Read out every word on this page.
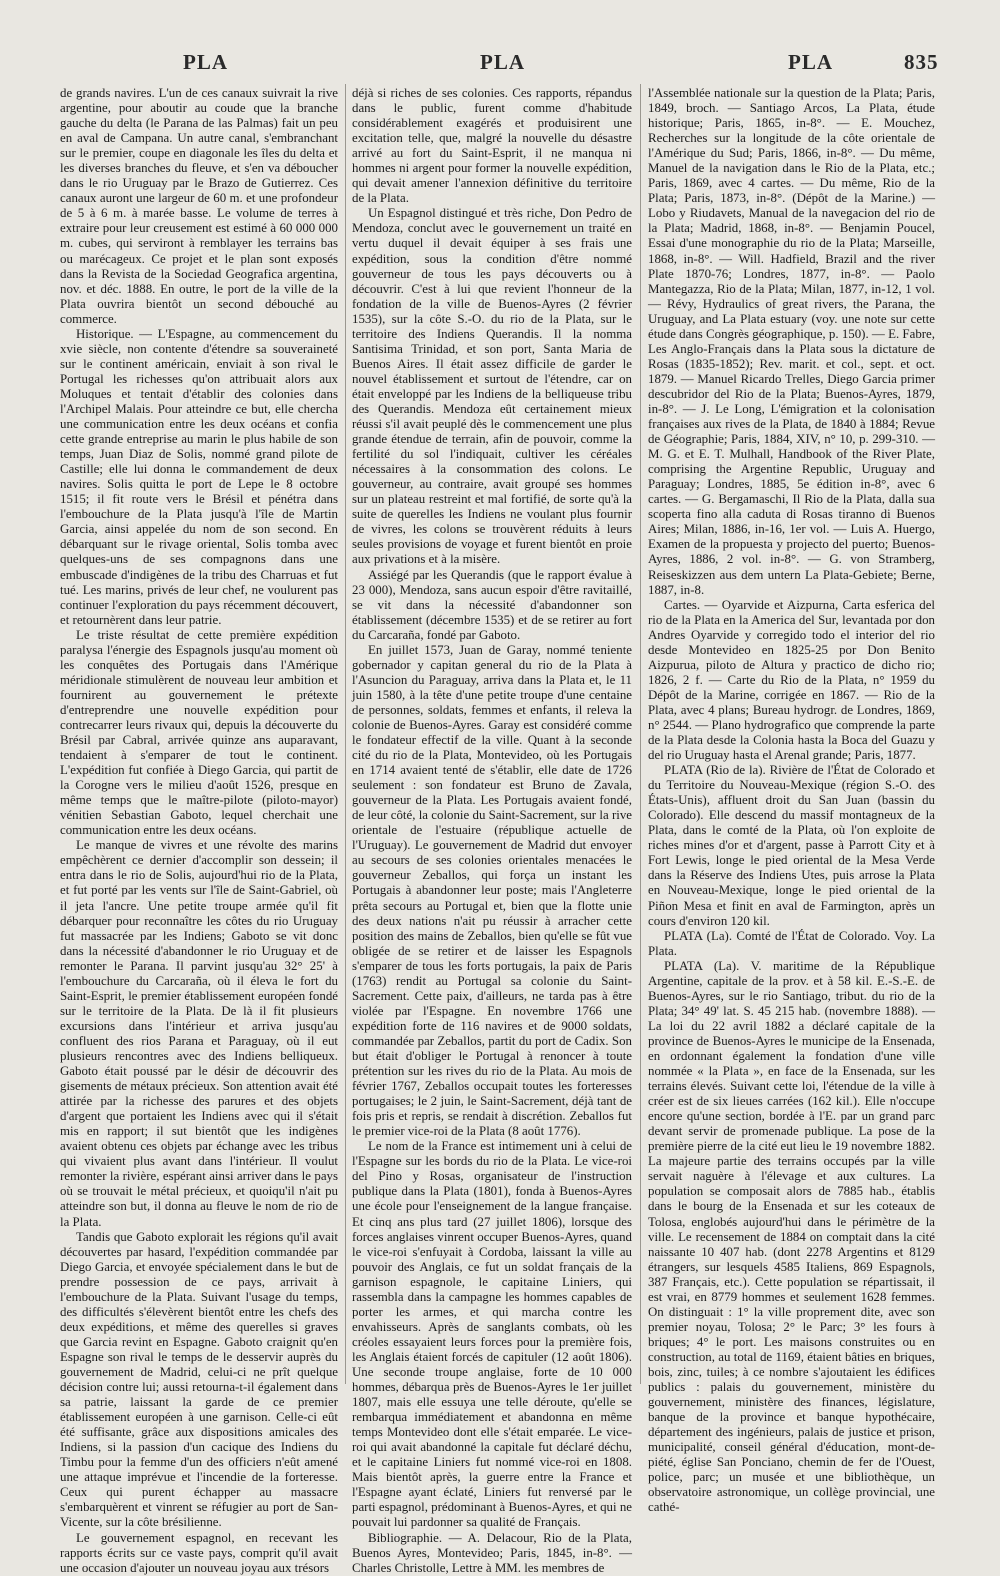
PLA	PLA	PLA	835

de grands navires. L'un de ces canaux suivrait la rive argentine, pour aboutir au coude que la branche gauche du delta (le Parana de las Palmas) fait un peu en aval de Campana. Un autre canal, s'embranchant sur le premier, coupe en diagonale les îles du delta et les diverses branches du fleuve, et s'en va déboucher dans le rio Uruguay par le Brazo de Gutierrez. Ces canaux auront une largeur de 60 m. et une profondeur de 5 à 6 m. à marée basse. Le volume de terres à extraire pour leur creusement est estimé à 60 000 000 m. cubes, qui serviront à remblayer les terrains bas ou marécageux. Ce projet et le plan sont exposés dans la Revista de la Sociedad Geografica argentina, nov. et déc. 1888. En outre, le port de la ville de la Plata ouvrira bientôt un second débouché au commerce.

Historique. — L'Espagne, au commencement du xvie siècle, non contente d'étendre sa souveraineté sur le continent américain, enviait à son rival le Portugal les richesses qu'on attribuait alors aux Moluques et tentait d'établir des colonies dans l'Archipel Malais. Pour atteindre ce but, elle chercha une communication entre les deux océans et confia cette grande entreprise au marin le plus habile de son temps, Juan Diaz de Solis, nommé grand pilote de Castille; elle lui donna le commandement de deux navires. Solis quitta le port de Lepe le 8 octobre 1515; il fit route vers le Brésil et pénétra dans l'embouchure de la Plata jusqu'à l'île de Martin Garcia, ainsi appelée du nom de son second. En débarquant sur le rivage oriental, Solis tomba avec quelques-uns de ses compagnons dans une embuscade d'indigènes de la tribu des Charruas et fut tué. Les marins, privés de leur chef, ne voulurent pas continuer l'exploration du pays récemment découvert, et retournèrent dans leur patrie.

Le triste résultat de cette première expédition paralysa l'énergie des Espagnols jusqu'au moment où les conquêtes des Portugais dans l'Amérique méridionale stimulèrent de nouveau leur ambition et fournirent au gouvernement le prétexte d'entreprendre une nouvelle expédition pour contrecarrer leurs rivaux qui, depuis la découverte du Brésil par Cabral, arrivée quinze ans auparavant, tendaient à s'emparer de tout le continent. L'expédition fut confiée à Diego Garcia, qui partit de la Corogne vers le milieu d'août 1526, presque en même temps que le maître-pilote (piloto-mayor) vénitien Sebastian Gaboto, lequel cherchait une communication entre les deux océans.

Le manque de vivres et une révolte des marins empêchèrent ce dernier d'accomplir son dessein; il entra dans le rio de Solis, aujourd'hui rio de la Plata, et fut porté par les vents sur l'île de Saint-Gabriel, où il jeta l'ancre. Une petite troupe armée qu'il fit débarquer pour reconnaître les côtes du rio Uruguay fut massacrée par les Indiens; Gaboto se vit donc dans la nécessité d'abandonner le rio Uruguay et de remonter le Parana. Il parvint jusqu'au 32° 25' à l'embouchure du Carcaraña, où il éleva le fort du Saint-Esprit, le premier établissement européen fondé sur le territoire de la Plata. De là il fit plusieurs excursions dans l'intérieur et arriva jusqu'au confluent des rios Parana et Paraguay, où il eut plusieurs rencontres avec des Indiens belliqueux. Gaboto était poussé par le désir de découvrir des gisements de métaux précieux. Son attention avait été attirée par la richesse des parures et des objets d'argent que portaient les Indiens avec qui il s'était mis en rapport; il sut bientôt que les indigènes avaient obtenu ces objets par échange avec les tribus qui vivaient plus avant dans l'intérieur. Il voulut remonter la rivière, espérant ainsi arriver dans le pays où se trouvait le métal précieux, et quoiqu'il n'ait pu atteindre son but, il donna au fleuve le nom de rio de la Plata.

Tandis que Gaboto explorait les régions qu'il avait découvertes par hasard, l'expédition commandée par Diego Garcia, et envoyée spécialement dans le but de prendre possession de ce pays, arrivait à l'embouchure de la Plata. Suivant l'usage du temps, des difficultés s'élevèrent bientôt entre les chefs des deux expéditions, et même des querelles si graves que Garcia revint en Espagne. Gaboto craignit qu'en Espagne son rival le temps de le desservir auprès du gouvernement de Madrid, celui-ci ne prît quelque décision contre lui; aussi retourna-t-il également dans sa patrie, laissant la garde de ce premier établissement européen à une garnison. Celle-ci eût été suffisante, grâce aux dispositions amicales des Indiens, si la passion d'un cacique des Indiens du Timbu pour la femme d'un des officiers n'eût amené une attaque imprévue et l'incendie de la forteresse. Ceux qui purent échapper au massacre s'embarquèrent et vinrent se réfugier au port de San-Vicente, sur la côte brésilienne.

Le gouvernement espagnol, en recevant les rapports écrits sur ce vaste pays, comprit qu'il avait une occasion d'ajouter un nouveau joyau aux trésors

déjà si riches de ses colonies. Ces rapports, répandus dans le public, furent comme d'habitude considérablement exagérés et produisirent une excitation telle, que, malgré la nouvelle du désastre arrivé au fort du Saint-Esprit, il ne manqua ni hommes ni argent pour former la nouvelle expédition, qui devait amener l'annexion définitive du territoire de la Plata.

Un Espagnol distingué et très riche, Don Pedro de Mendoza, conclut avec le gouvernement un traité en vertu duquel il devait équiper à ses frais une expédition, sous la condition d'être nommé gouverneur de tous les pays découverts ou à découvrir. C'est à lui que revient l'honneur de la fondation de la ville de Buenos-Ayres (2 février 1535), sur la côte S.-O. du rio de la Plata, sur le territoire des Indiens Querandis. Il la nomma Santisima Trinidad, et son port, Santa Maria de Buenos Aires. Il était assez difficile de garder le nouvel établissement et surtout de l'étendre, car on était enveloppé par les Indiens de la belliqueuse tribu des Querandis. Mendoza eût certainement mieux réussi s'il avait peuplé dès le commencement une plus grande étendue de terrain, afin de pouvoir, comme la fertilité du sol l'indiquait, cultiver les céréales nécessaires à la consommation des colons. Le gouverneur, au contraire, avait groupé ses hommes sur un plateau restreint et mal fortifié, de sorte qu'à la suite de querelles les Indiens ne voulant plus fournir de vivres, les colons se trouvèrent réduits à leurs seules provisions de voyage et furent bientôt en proie aux privations et à la misère.

Assiégé par les Querandis (que le rapport évalue à 23 000), Mendoza, sans aucun espoir d'être ravitaillé, se vit dans la nécessité d'abandonner son établissement (décembre 1535) et de se retirer au fort du Carcaraña, fondé par Gaboto.

En juillet 1573, Juan de Garay, nommé teniente gobernador y capitan general du rio de la Plata à l'Asuncion du Paraguay, arriva dans la Plata et, le 11 juin 1580, à la tête d'une petite troupe d'une centaine de personnes, soldats, femmes et enfants, il releva la colonie de Buenos-Ayres. Garay est considéré comme le fondateur effectif de la ville. Quant à la seconde cité du rio de la Plata, Montevideo, où les Portugais en 1714 avaient tenté de s'établir, elle date de 1726 seulement : son fondateur est Bruno de Zavala, gouverneur de la Plata. Les Portugais avaient fondé, de leur côté, la colonie du Saint-Sacrement, sur la rive orientale de l'estuaire (république actuelle de l'Uruguay). Le gouvernement de Madrid dut envoyer au secours de ses colonies orientales menacées le gouverneur Zeballos, qui força un instant les Portugais à abandonner leur poste; mais l'Angleterre prêta secours au Portugal et, bien que la flotte unie des deux nations n'ait pu réussir à arracher cette position des mains de Zeballos, bien qu'elle se fût vue obligée de se retirer et de laisser les Espagnols s'emparer de tous les forts portugais, la paix de Paris (1763) rendit au Portugal sa colonie du Saint-Sacrement. Cette paix, d'ailleurs, ne tarda pas à être violée par l'Espagne. En novembre 1766 une expédition forte de 116 navires et de 9000 soldats, commandée par Zeballos, partit du port de Cadix. Son but était d'obliger le Portugal à renoncer à toute prétention sur les rives du rio de la Plata. Au mois de février 1767, Zeballos occupait toutes les forteresses portugaises; le 2 juin, le Saint-Sacrement, déjà tant de fois pris et repris, se rendait à discrétion. Zeballos fut le premier vice-roi de la Plata (8 août 1776).

Le nom de la France est intimement uni à celui de l'Espagne sur les bords du rio de la Plata. Le vice-roi del Pino y Rosas, organisateur de l'instruction publique dans la Plata (1801), fonda à Buenos-Ayres une école pour l'enseignement de la langue française. Et cinq ans plus tard (27 juillet 1806), lorsque des forces anglaises vinrent occuper Buenos-Ayres, quand le vice-roi s'enfuyait à Cordoba, laissant la ville au pouvoir des Anglais, ce fut un soldat français de la garnison espagnole, le capitaine Liniers, qui rassembla dans la campagne les hommes capables de porter les armes, et qui marcha contre les envahisseurs. Après de sanglants combats, où les créoles essayaient leurs forces pour la première fois, les Anglais étaient forcés de capituler (12 août 1806). Une seconde troupe anglaise, forte de 10 000 hommes, débarqua près de Buenos-Ayres le 1er juillet 1807, mais elle essuya une telle déroute, qu'elle se rembarqua immédiatement et abandonna en même temps Montevideo dont elle s'était emparée. Le vice-roi qui avait abandonné la capitale fut déclaré déchu, et le capitaine Liniers fut nommé vice-roi en 1808. Mais bientôt après, la guerre entre la France et l'Espagne ayant éclaté, Liniers fut renversé par le parti espagnol, prédominant à Buenos-Ayres, et qui ne pouvait lui pardonner sa qualité de Français.

Bibliographie. — A. Delacour, Rio de la Plata, Buenos Ayres, Montevideo; Paris, 1845, in-8°. — Charles Christolle, Lettre à MM. les membres de

l'Assemblée nationale sur la question de la Plata; Paris, 1849, broch. — Santiago Arcos, La Plata, étude historique; Paris, 1865, in-8°. — E. Mouchez, Recherches sur la longitude de la côte orientale de l'Amérique du Sud; Paris, 1866, in-8°. — Du même, Manuel de la navigation dans le Rio de la Plata, etc.; Paris, 1869, avec 4 cartes. — Du même, Rio de la Plata; Paris, 1873, in-8°. (Dépôt de la Marine.) — Lobo y Riudavets, Manual de la navegacion del rio de la Plata; Madrid, 1868, in-8°. — Benjamin Poucel, Essai d'une monographie du rio de la Plata; Marseille, 1868, in-8°. — Will. Hadfield, Brazil and the river Plate 1870-76; Londres, 1877, in-8°. — Paolo Mantegazza, Rio de la Plata; Milan, 1877, in-12, 1 vol. — Révy, Hydraulics of great rivers, the Parana, the Uruguay, and La Plata estuary (voy. une note sur cette étude dans Congrès géographique, p. 150). — E. Fabre, Les Anglo-Français dans la Plata sous la dictature de Rosas (1835-1852); Rev. marit. et col., sept. et oct. 1879. — Manuel Ricardo Trelles, Diego Garcia primer descubridor del Rio de la Plata; Buenos-Ayres, 1879, in-8°. — J. Le Long, L'émigration et la colonisation françaises aux rives de la Plata, de 1840 à 1884; Revue de Géographie; Paris, 1884, XIV, n° 10, p. 299-310. — M. G. et E. T. Mulhall, Handbook of the River Plate, comprising the Argentine Republic, Uruguay and Paraguay; Londres, 1885, 5e édition in-8°, avec 6 cartes. — G. Bergamaschi, Il Rio de la Plata, dalla sua scoperta fino alla caduta di Rosas tiranno di Buenos Aires; Milan, 1886, in-16, 1er vol. — Luis A. Huergo, Examen de la propuesta y projecto del puerto; Buenos-Ayres, 1886, 2 vol. in-8°. — G. von Stramberg, Reiseskizzen aus dem untern La Plata-Gebiete; Berne, 1887, in-8.

Cartes. — Oyarvide et Aizpurna, Carta esferica del rio de la Plata en la America del Sur, levantada por don Andres Oyarvide y corregido todo el interior del rio desde Montevideo en 1825-25 por Don Benito Aizpurua, piloto de Altura y practico de dicho rio; 1826, 2 f. — Carte du Rio de la Plata, n° 1959 du Dépôt de la Marine, corrigée en 1867. — Rio de la Plata, avec 4 plans; Bureau hydrogr. de Londres, 1869, n° 2544. — Plano hydrografico que comprende la parte de la Plata desde la Colonia hasta la Boca del Guazu y del rio Uruguay hasta el Arenal grande; Paris, 1877.

PLATA (Rio de la). Rivière de l'État de Colorado et du Territoire du Nouveau-Mexique (région S.-O. des États-Unis), affluent droit du San Juan (bassin du Colorado). Elle descend du massif montagneux de la Plata, dans le comté de la Plata, où l'on exploite de riches mines d'or et d'argent, passe à Parrott City et à Fort Lewis, longe le pied oriental de la Mesa Verde dans la Réserve des Indiens Utes, puis arrose la Plata en Nouveau-Mexique, longe le pied oriental de la Piñon Mesa et finit en aval de Farmington, après un cours d'environ 120 kil.

PLATA (La). Comté de l'État de Colorado. Voy. La Plata.

PLATA (La). V. maritime de la République Argentine, capitale de la prov. et à 58 kil. E.-S.-E. de Buenos-Ayres, sur le rio Santiago, tribut. du rio de la Plata; 34° 49' lat. S. 45 215 hab. (novembre 1888). — La loi du 22 avril 1882 a déclaré capitale de la province de Buenos-Ayres le municipe de la Ensenada, en ordonnant également la fondation d'une ville nommée « la Plata », en face de la Ensenada, sur les terrains élevés. Suivant cette loi, l'étendue de la ville à créer est de six lieues carrées (162 kil.). Elle n'occupe encore qu'une section, bordée à l'E. par un grand parc devant servir de promenade publique. La pose de la première pierre de la cité eut lieu le 19 novembre 1882. La majeure partie des terrains occupés par la ville servait naguère à l'élevage et aux cultures. La population se composait alors de 7885 hab., établis dans le bourg de la Ensenada et sur les coteaux de Tolosa, englobés aujourd'hui dans le périmètre de la ville. Le recensement de 1884 on comptait dans la cité naissante 10 407 hab. (dont 2278 Argentins et 8129 étrangers, sur lesquels 4585 Italiens, 869 Espagnols, 387 Français, etc.). Cette population se répartissait, il est vrai, en 8779 hommes et seulement 1628 femmes. On distinguait : 1° la ville proprement dite, avec son premier noyau, Tolosa; 2° le Parc; 3° les fours à briques; 4° le port. Les maisons construites ou en construction, au total de 1169, étaient bâties en briques, bois, zinc, tuiles; à ce nombre s'ajoutaient les édifices publics : palais du gouvernement, ministère du gouvernement, ministère des finances, législature, banque de la province et banque hypothécaire, département des ingénieurs, palais de justice et prison, municipalité, conseil général d'éducation, mont-de-piété, église San Ponciano, chemin de fer de l'Ouest, police, parc; un musée et une bibliothèque, un observatoire astronomique, un collège provincial, une cathé-
